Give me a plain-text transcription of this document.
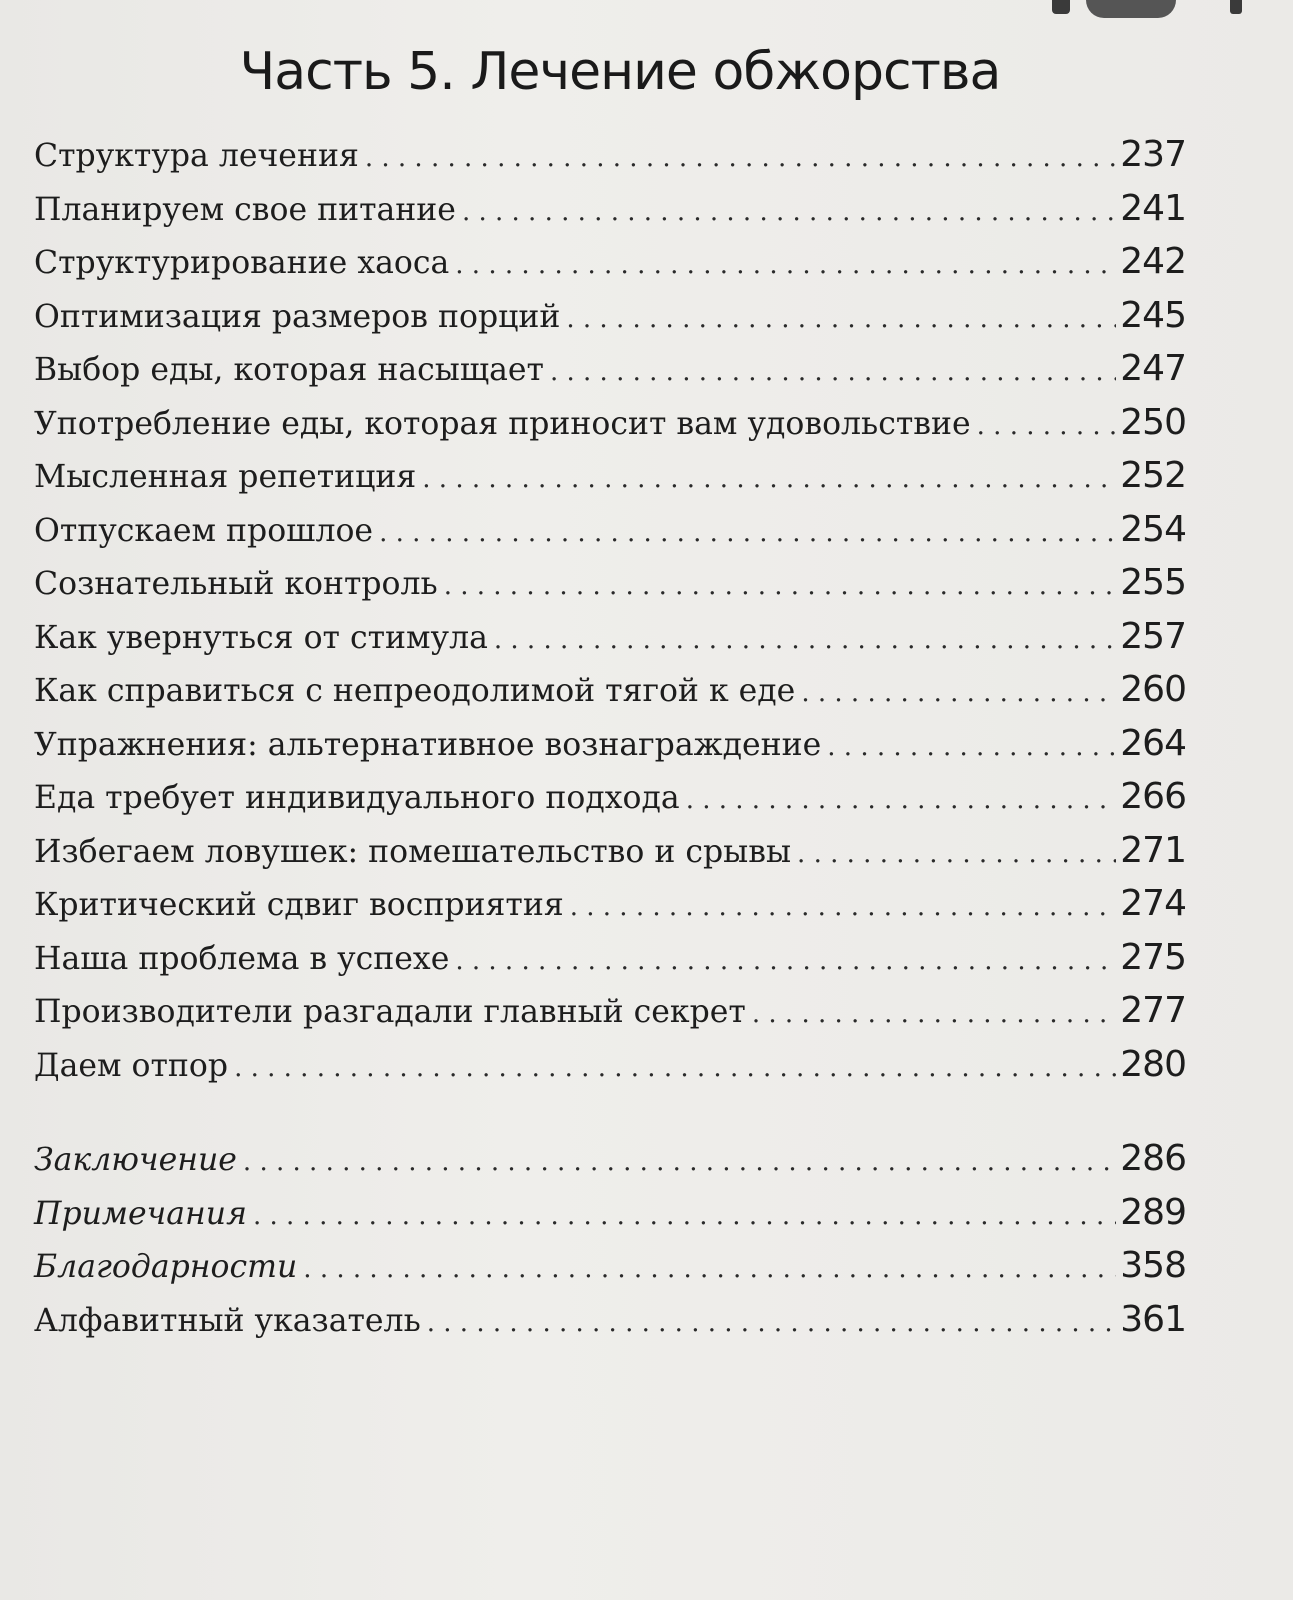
Часть 5. Лечение обжорства
Структура лечения . . .	237
Планируем свое питание . . .	241
Структурирование хаоса . . .	242
Оптимизация размеров порций . . .	245
Выбор еды, которая насыщает . . .	247
Употребление еды, которая приносит вам удовольствие . . .	250
Мысленная репетиция . . .	252
Отпускаем прошлое . . .	254
Сознательный контроль . . .	255
Как увернуться от стимула . . .	257
Как справиться с непреодолимой тягой к еде . . .	260
Упражнения: альтернативное вознаграждение . . .	264
Еда требует индивидуального подхода . . .	266
Избегаем ловушек: помешательство и срывы . . .	271
Критический сдвиг восприятия . . .	274
Наша проблема в успехе . . .	275
Производители разгадали главный секрет . . .	277
Даем отпор . . .	280
Заключение . . .	286
Примечания . . .	289
Благодарности . . .	358
Алфавитный указатель . . .	361
